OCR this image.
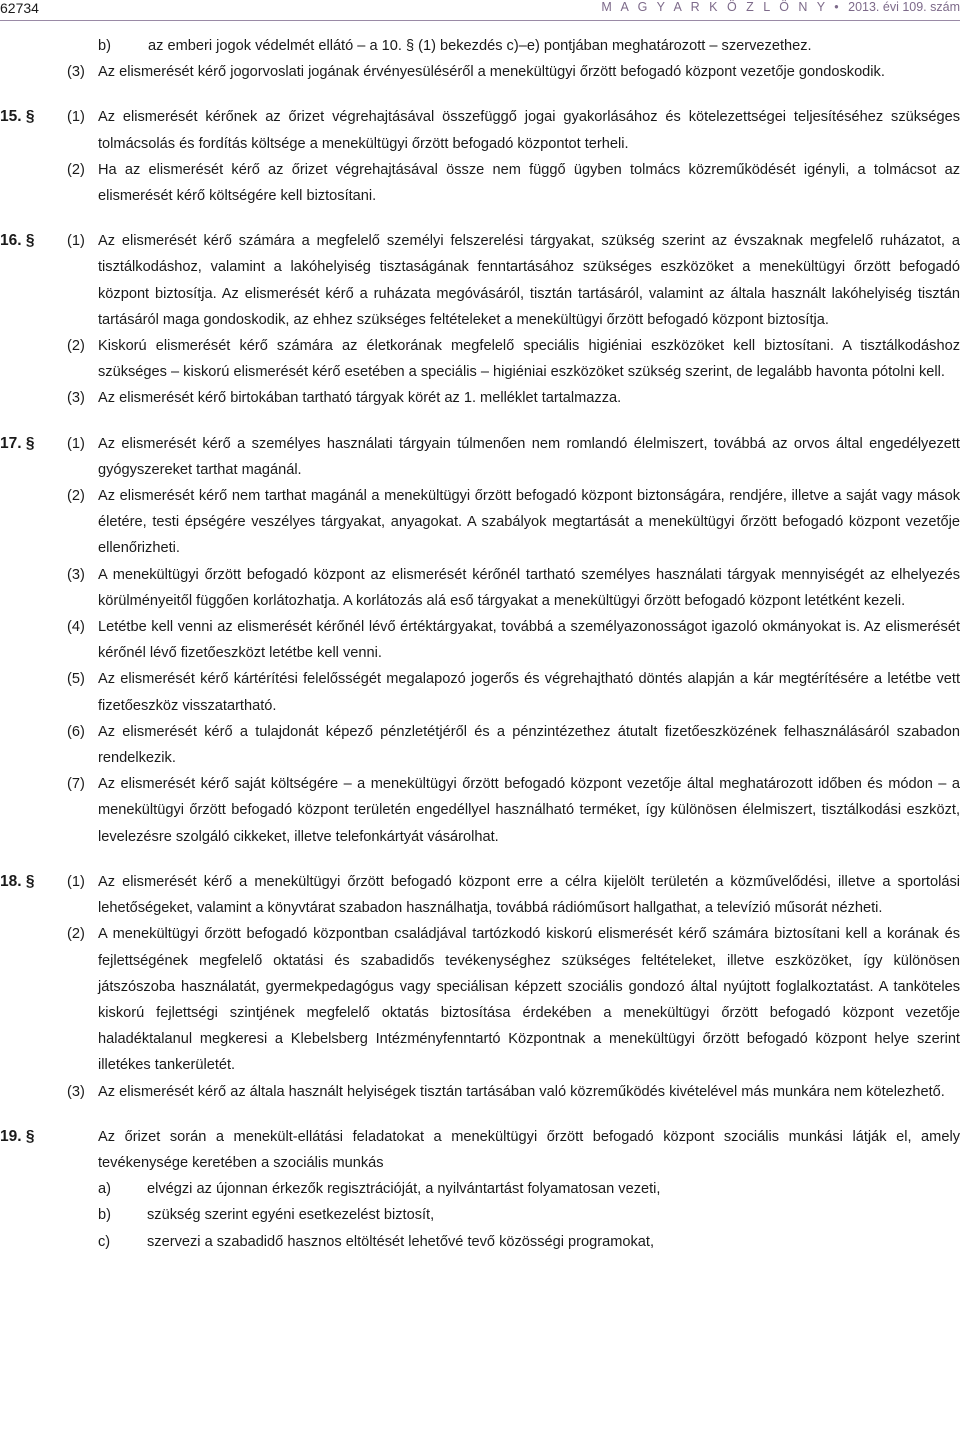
62734	M A G Y A R K Ö Z L Ö N Y • 2013. évi 109. szám

b)	az emberi jogok védelmét ellátó – a 10. § (1) bekezdés c)–e) pontjában meghatározott – szervezethez.

(3) Az elismerését kérő jogorvoslati jogának érvényesüléséről a menekültügyi őrzött befogadó központ vezetője gondoskodik.

15. § (1) Az elismerését kérőnek az őrizet végrehajtásával összefüggő jogai gyakorlásához és kötelezettségei teljesítéséhez szükséges tolmácsolás és fordítás költsége a menekültügyi őrzött befogadó központot terheli.

(2) Ha az elismerését kérő az őrizet végrehajtásával össze nem függő ügyben tolmács közreműködését igényli, a tolmácsot az elismerését kérő költségére kell biztosítani.

16. § (1) Az elismerését kérő számára a megfelelő személyi felszerelési tárgyakat, szükség szerint az évszaknak megfelelő ruházatot, a tisztálkodáshoz, valamint a lakóhelyiség tisztaságának fenntartásához szükséges eszközöket a menekültügyi őrzött befogadó központ biztosítja. Az elismerését kérő a ruházata megóvásáról, tisztán tartásáról, valamint az általa használt lakóhelyiség tisztán tartásáról maga gondoskodik, az ehhez szükséges feltételeket a menekültügyi őrzött befogadó központ biztosítja.

(2) Kiskorú elismerését kérő számára az életkorának megfelelő speciális higiéniai eszközöket kell biztosítani. A tisztálkodáshoz szükséges – kiskorú elismerését kérő esetében a speciális – higiéniai eszközöket szükség szerint, de legalább havonta pótolni kell.

(3) Az elismerését kérő birtokában tartható tárgyak körét az 1. melléklet tartalmazza.

17. § (1) Az elismerését kérő a személyes használati tárgyain túlmenően nem romlandó élelmiszert, továbbá az orvos által engedélyezett gyógyszereket tarthat magánál.

(2) Az elismerését kérő nem tarthat magánál a menekültügyi őrzött befogadó központ biztonságára, rendjére, illetve a saját vagy mások életére, testi épségére veszélyes tárgyakat, anyagokat. A szabályok megtartását a menekültügyi őrzött befogadó központ vezetője ellenőrizheti.

(3) A menekültügyi őrzött befogadó központ az elismerését kérőnél tartható személyes használati tárgyak mennyiségét az elhelyezés körülményeitől függően korlátozhatja. A korlátozás alá eső tárgyakat a menekültügyi őrzött befogadó központ letétként kezeli.

(4) Letétbe kell venni az elismerését kérőnél lévő értéktárgyakat, továbbá a személyazonosságot igazoló okmányokat is. Az elismerését kérőnél lévő fizetőeszközt letétbe kell venni.

(5) Az elismerését kérő kártérítési felelősségét megalapozó jogerős és végrehajtható döntés alapján a kár megtérítésére a letétbe vett fizetőeszköz visszatartható.

(6) Az elismerését kérő a tulajdonát képező pénzletétjéről és a pénzintézethez átutalt fizetőeszközének felhasználásáról szabadon rendelkezik.

(7) Az elismerését kérő saját költségére – a menekültügyi őrzött befogadó központ vezetője által meghatározott időben és módon – a menekültügyi őrzött befogadó központ területén engedéllyel használható terméket, így különösen élelmiszert, tisztálkodási eszközt, levelezésre szolgáló cikkeket, illetve telefonkártyát vásárolhat.

18. § (1) Az elismerését kérő a menekültügyi őrzött befogadó központ erre a célra kijelölt területén a közművelődési, illetve a sportolási lehetőségeket, valamint a könyvtárat szabadon használhatja, továbbá rádióműsort hallgathat, a televízió műsorát nézheti.

(2) A menekültügyi őrzött befogadó központban családjával tartózkodó kiskorú elismerését kérő számára biztosítani kell a korának és fejlettségének megfelelő oktatási és szabadidős tevékenységhez szükséges feltételeket, illetve eszközöket, így különösen játszószoba használatát, gyermekpedagógus vagy speciálisan képzett szociális gondozó által nyújtott foglalkoztatást. A tanköteles kiskorú fejlettségi szintjének megfelelő oktatás biztosítása érdekében a menekültügyi őrzött befogadó központ vezetője haladéktalanul megkeresi a Klebelsberg Intézményfenntartó Központnak a menekültügyi őrzött befogadó központ helye szerint illetékes tankerületét.

(3) Az elismerését kérő az általa használt helyiségek tisztán tartásában való közreműködés kivételével más munkára nem kötelezhető.

19. §	Az őrizet során a menekült-ellátási feladatokat a menekültügyi őrzött befogadó központ szociális munkási látják el, amely tevékenysége keretében a szociális munkás

a) elvégzi az újonnan érkezők regisztrációját, a nyilvántartást folyamatosan vezeti,

b) szükség szerint egyéni esetkezelést biztosít,

c)	szervezi a szabadidő hasznos eltöltését lehetővé tevő közösségi programokat,
